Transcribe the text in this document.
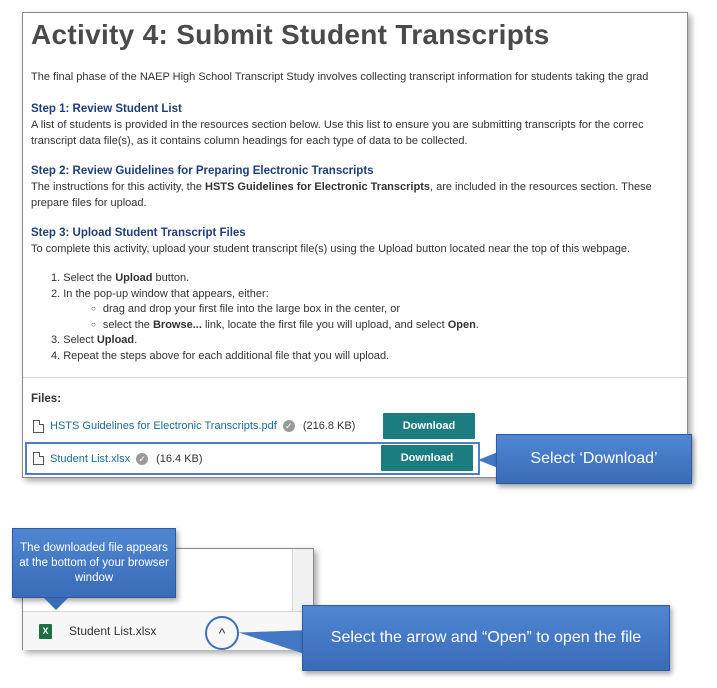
Activity 4: Submit Student Transcripts
The final phase of the NAEP High School Transcript Study involves collecting transcript information for students taking the grad
Step 1: Review Student List

A list of students is provided in the resources section below. Use this list to ensure you are submitting transcripts for the correc

transcript data file(s), as it contains column headings for each type of data to be collected.

Step 2: Review Guidelines for Preparing Electronic Transcripts

The instructions for this activity, the HSTS Guidelines for Electronic Transcripts, are included in the resources section. These

prepare files for upload.

Step 3: Upload Student Transcript Files

To complete this activity, upload your student transcript file(s) using the Upload button located near the top of this webpage.

1. Select the Upload button.
2. In the pop-up window that appears, either:
○ drag and drop your first file into the large box in the center, or
○ select the Browse... link, locate the first file you will upload, and select Open.
3. Select Upload.
4. Repeat the steps above for each additional file that you will upload.
Files:
HSTS Guidelines for Electronic Transcripts.pdf ✓ (216.8 KB)	Download
Student List.xlsx ✓ (16.4 KB)	Download	Select ‘Download’
X Student List.xlsx	^
The downloaded file appears at the bottom of your browser window
Select the arrow and “Open” to open the file
